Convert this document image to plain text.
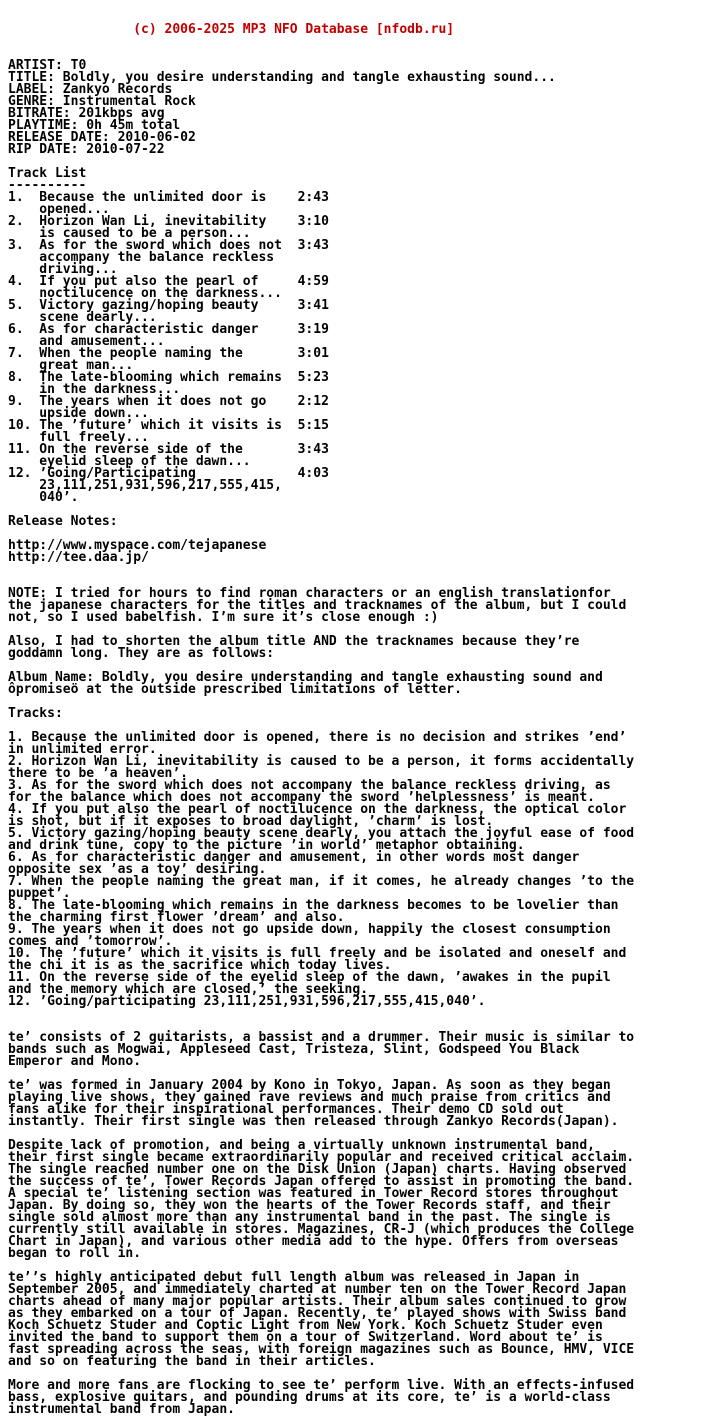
(c) 2006-2025 MP3 NFO Database [nfodb.ru]

ARTIST: T0
TITLE: Boldly, you desire understanding and tangle exhausting sound...
LABEL: Zankyo Records
GENRE: Instrumental Rock
BITRATE: 201kbps avg
PLAYTIME: 0h 45m total
RELEASE DATE: 2010-06-02
RIP DATE: 2010-07-22
Track List
----------
1.  Because the unlimited door is    2:43
opened...
2.  Horizon Wan Li, inevitability    3:10
is caused to be a person...
3.  As for the sword which does not  3:43
accompany the balance reckless
driving...
4.  If you put also the pearl of     4:59
noctilucence on the darkness...
5.  Victory gazing/hoping beauty     3:41
scene dearly...
6.  As for characteristic danger     3:19
and amusement...
7.  When the people naming the       3:01
great man...
8.  The late-blooming which remains  5:23
in the darkness...
9.  The years when it does not go    2:12
upside down...
10. The ’future’ which it visits is  5:15
full freely...
11. On the reverse side of the       3:43
eyelid sleep of the dawn...
12. ’Going/Participating             4:03
23,111,251,931,596,217,555,415,
040’.
Release Notes:
http://www.myspace.com/tejapanese
http://tee.daa.jp/
NOTE: I tried for hours to find roman characters or an english translationfor
the japanese characters for the titles and tracknames of the album, but I could
not, so I used babelfish. I’m sure it’s close enough :)
Also, I had to shorten the album title AND the tracknames because they’re
goddamn long. They are as follows:
Album Name: Boldly, you desire understanding and tangle exhausting sound and
ôpromiseö at the outside prescribed limitations of letter.
Tracks:
1. Because the unlimited door is opened, there is no decision and strikes ’end’
in unlimited error.
2. Horizon Wan Li, inevitability is caused to be a person, it forms accidentally
there to be ’a heaven’.
3. As for the sword which does not accompany the balance reckless driving, as
for the balance which does not accompany the sword ’helplessness’ is meant.
4. If you put also the pearl of noctilucence on the darkness, the optical color
is shot, but if it exposes to broad daylight, ’charm’ is lost.
5. Victory gazing/hoping beauty scene dearly, you attach the joyful ease of food
and drink tune, copy to the picture ’in world’ metaphor obtaining.
6. As for characteristic danger and amusement, in other words most danger
opposite sex ’as a toy’ desiring.
7. When the people naming the great man, if it comes, he already changes ’to the
puppet’.
8. The late-blooming which remains in the darkness becomes to be lovelier than
the charming first flower ’dream’ and also.
9. The years when it does not go upside down, happily the closest consumption
comes and ’tomorrow’.
10. The ’future’ which it visits is full freely and be isolated and oneself and
the chi it is as the sacrifice which today lives.
11. On the reverse side of the eyelid sleep of the dawn, ’awakes in the pupil
and the memory which are closed,’ the seeking.
12. ’Going/participating 23,111,251,931,596,217,555,415,040’.
te’ consists of 2 guitarists, a bassist and a drummer. Their music is similar to
bands such as Mogwai, Appleseed Cast, Tristeza, Slint, Godspeed You Black
Emperor and Mono.
te’ was formed in January 2004 by Kono in Tokyo, Japan. As soon as they began
playing live shows, they gained rave reviews and much praise from critics and
fans alike for their inspirational performances. Their demo CD sold out
instantly. Their first single was then released through Zankyo Records(Japan).
Despite lack of promotion, and being a virtually unknown instrumental band,
their first single became extraordinarily popular and received critical acclaim.
The single reached number one on the Disk Union (Japan) charts. Having observed
the success of te’, Tower Records Japan offered to assist in promoting the band.
A special te’ listening section was featured in Tower Record stores throughout
Japan. By doing so, they won the hearts of the Tower Records staff, and their
single sold almost more than any instrumental band in the past. The single is
currently still available in stores. Magazines, CR-J (which produces the College
Chart in Japan), and various other media add to the hype. Offers from overseas
began to roll in.
te’’s highly anticipated debut full length album was released in Japan in
September 2005, and immediately charted at number ten on the Tower Record Japan
charts ahead of many major popular artists. Their album sales continued to grow
as they embarked on a tour of Japan. Recently, te’ played shows with Swiss band
Koch Schuetz Studer and Coptic Light from New York. Koch Schuetz Studer even
invited the band to support them on a tour of Switzerland. Word about te’ is
fast spreading across the seas, with foreign magazines such as Bounce, HMV, VICE
and so on featuring the band in their articles.
More and more fans are flocking to see te’ perform live. With an effects-infused
bass, explosive guitars, and pounding drums at its core, te’ is a world-class
instrumental band from Japan.
